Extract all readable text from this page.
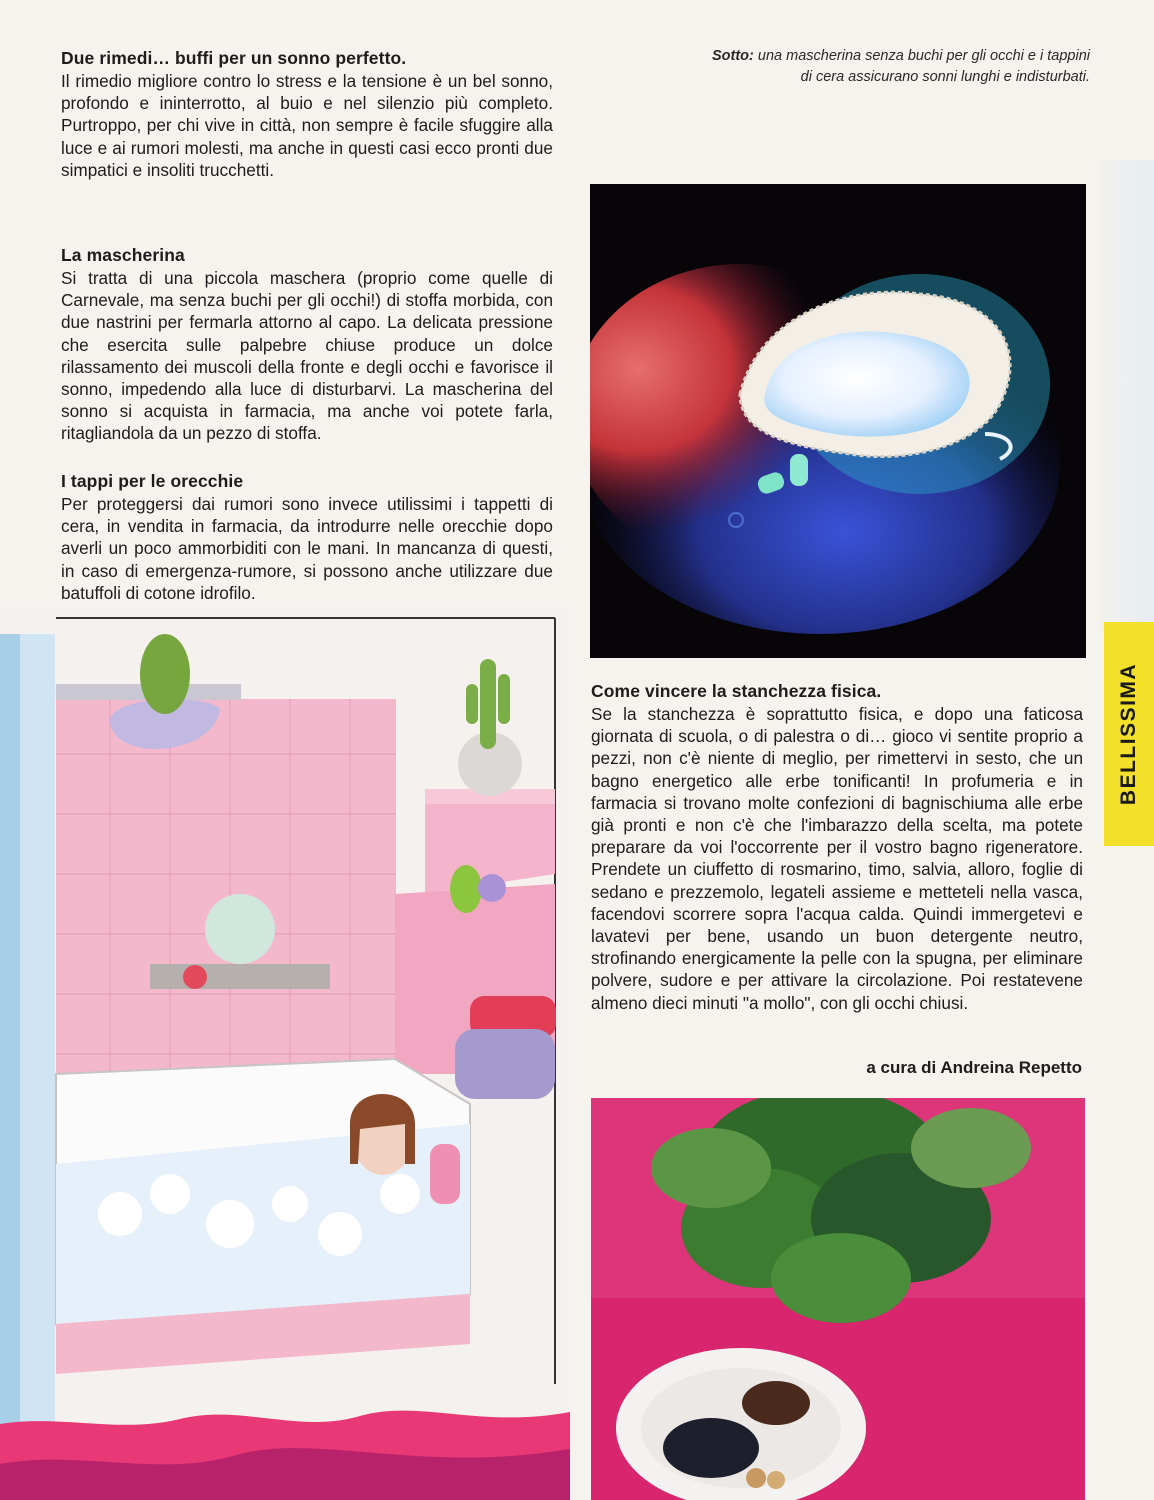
Due rimedi… buffi per un sonno perfetto.

Il rimedio migliore contro lo stress e la tensione è un bel sonno, profondo e ininterrotto, al buio e nel silenzio più completo. Purtroppo, per chi vive in città, non sempre è facile sfuggire alla luce e ai rumori molesti, ma anche in questi casi ecco pronti due simpatici e insoliti trucchetti.

La mascherina

Si tratta di una piccola maschera (proprio come quelle di Carnevale, ma senza buchi per gli occhi!) di stoffa morbida, con due nastrini per fermarla attorno al capo. La delicata pressione che esercita sulle palpebre chiuse produce un dolce rilassamento dei muscoli della fronte e degli occhi e favorisce il sonno, impedendo alla luce di disturbarvi. La mascherina del sonno si acquista in farmacia, ma anche voi potete farla, ritagliandola da un pezzo di stoffa.

I tappi per le orecchie

Per proteggersi dai rumori sono invece utilissimi i tappetti di cera, in vendita in farmacia, da introdurre nelle orecchie dopo averli un poco ammorbiditi con le mani. In mancanza di questi, in caso di emergenza-rumore, si possono anche utilizzare due batuffoli di cotone idrofilo.

Sotto: una mascherina senza buchi per gli occhi e i tappini di cera assicurano sonni lunghi e indisturbati.
Come vincere la stanchezza fisica.

Se la stanchezza è soprattutto fisica, e dopo una faticosa giornata di scuola, o di palestra o di… gioco vi sentite proprio a pezzi, non c'è niente di meglio, per rimettervi in sesto, che un bagno energetico alle erbe tonificanti! In profumeria e in farmacia si trovano molte confezioni di bagnischiuma alle erbe già pronti e non c'è che l'imbarazzo della scelta, ma potete preparare da voi l'occorrente per il vostro bagno rigeneratore. Prendete un ciuffetto di rosmarino, timo, salvia, alloro, foglie di sedano e prezzemolo, legateli assieme e metteteli nella vasca, facendovi scorrere sopra l'acqua calda. Quindi immergetevi e lavatevi per bene, usando un buon detergente neutro, strofinando energicamente la pelle con la spugna, per eliminare polvere, sudore e per attivare la circolazione. Poi restatevene almeno dieci minuti "a mollo", con gli occhi chiusi.

a cura di Andreina Repetto
BELLISSIMA
